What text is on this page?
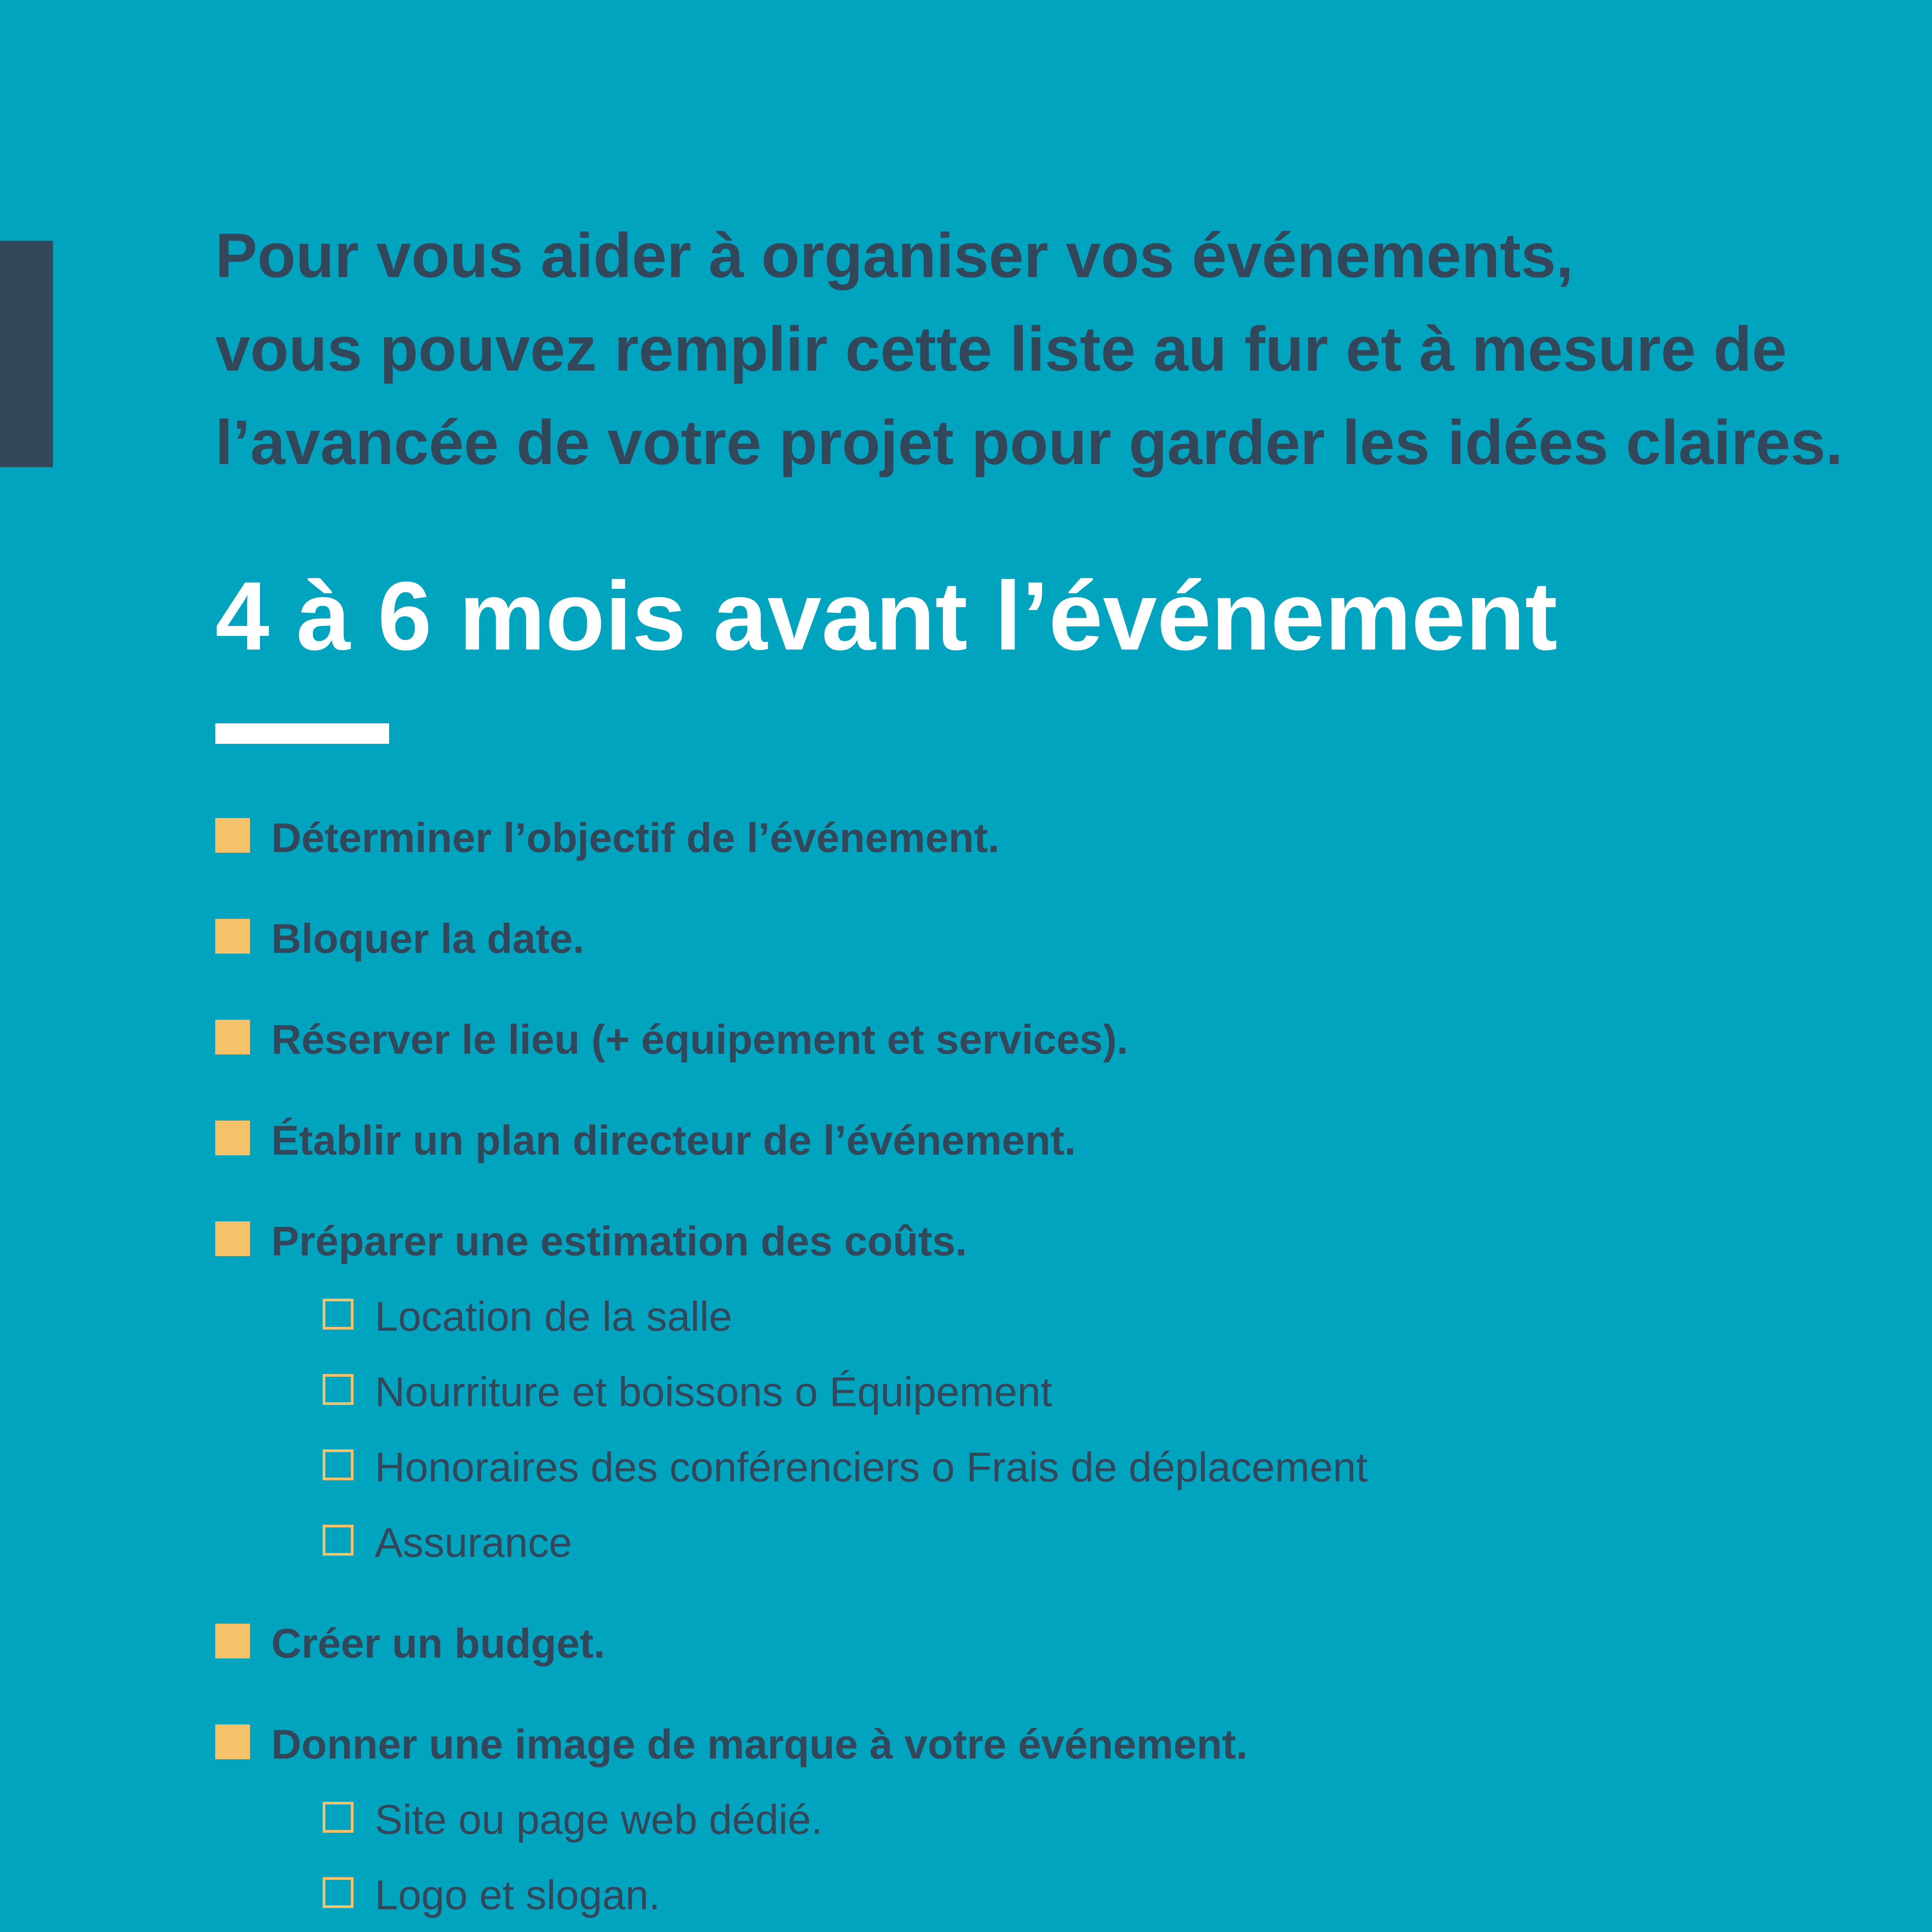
Pour vous aider à organiser vos événements,
vous pouvez remplir cette liste au fur et à mesure de
l’avancée de votre projet pour garder les idées claires.
4 à 6 mois avant l’événement
Déterminer l’objectif de l’événement.
Bloquer la date.
Réserver le lieu (+ équipement et services).
Établir un plan directeur de l’événement.
Préparer une estimation des coûts.
Location de la salle
Nourriture et boissons o Équipement
Honoraires des conférenciers o Frais de déplacement
Assurance
Créer un budget.
Donner une image de marque à votre événement.
Site ou page web dédié.
Logo et slogan.
